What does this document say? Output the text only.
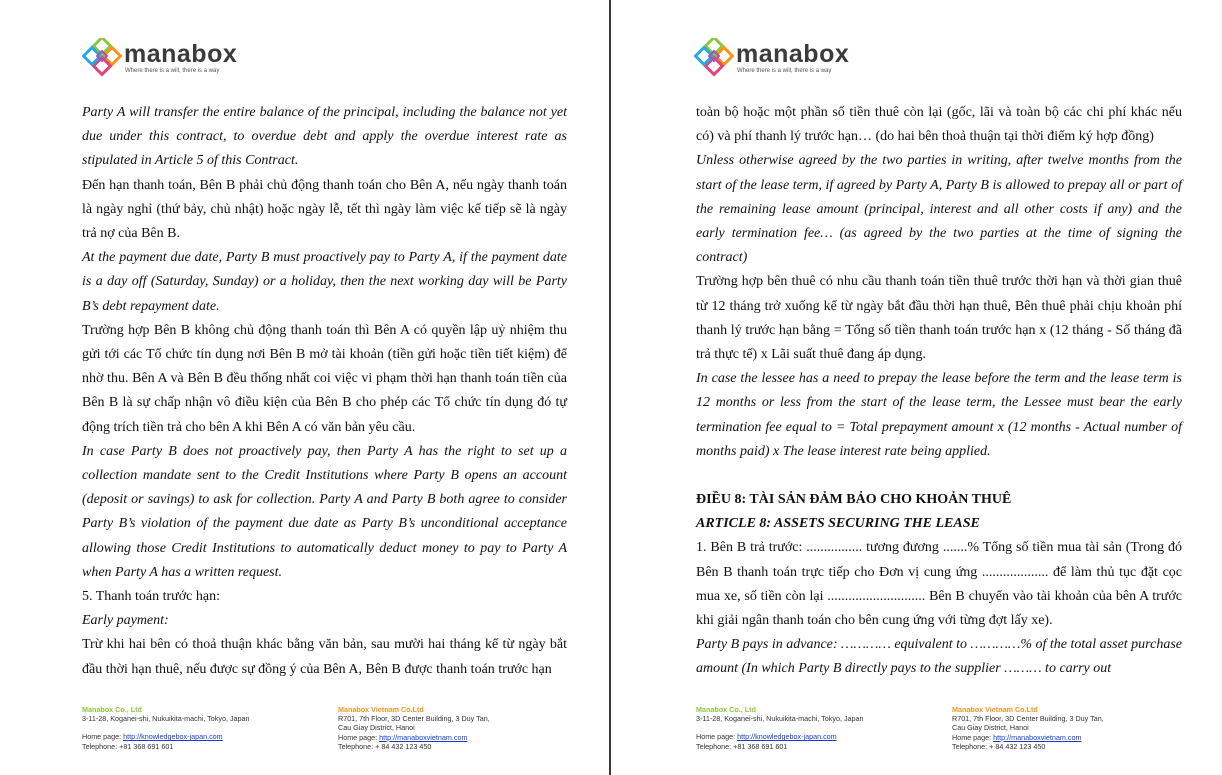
manabox
Where there is a will, there is a way

Party A will transfer the entire balance of the principal, including the balance not yet due under this contract, to overdue debt and apply the overdue interest rate as stipulated in Article 5 of this Contract.

Đến hạn thanh toán, Bên B phải chủ động thanh toán cho Bên A, nếu ngày thanh toán là ngày nghỉ (thứ bảy, chủ nhật) hoặc ngày lễ, tết thì ngày làm việc kế tiếp sẽ là ngày trả nợ của Bên B.

At the payment due date, Party B must proactively pay to Party A, if the payment date is a day off (Saturday, Sunday) or a holiday, then the next working day will be Party B’s debt repayment date.

Trường hợp Bên B không chủ động thanh toán thì Bên A có quyền lập uỷ nhiệm thu gửi tới các Tổ chức tín dụng nơi Bên B mở tài khoản (tiền gửi hoặc tiền tiết kiệm) để nhờ thu. Bên A và Bên B đều thống nhất coi việc vi phạm thời hạn thanh toán tiền của Bên B là sự chấp nhận vô điều kiện của Bên B cho phép các Tổ chức tín dụng đó tự động trích tiền trả cho bên A khi Bên A có văn bản yêu cầu.

In case Party B does not proactively pay, then Party A has the right to set up a collection mandate sent to the Credit Institutions where Party B opens an account (deposit or savings) to ask for collection. Party A and Party B both agree to consider Party B’s violation of the payment due date as Party B’s unconditional acceptance allowing those Credit Institutions to automatically deduct money to pay to Party A when Party A has a written request.

5. Thanh toán trước hạn:

Early payment:

Trừ khi hai bên có thoả thuận khác bằng văn bản, sau mười hai tháng kể từ ngày bắt đầu thời hạn thuê, nếu được sự đồng ý của Bên A, Bên B được thanh toán trước hạn

Manabox Co., Ltd
3-11-28, Koganei-shi, Nukuikita-machi, Tokyo, Japan
Home page: http://knowledgebox-japan.com
Telephone: +81 368 691 601
Manabox Vietnam Co.Ltd
R701, 7th Floor, 3D Center Building, 3 Duy Tan,
Cau Giay District, Hanoi
Home page: http://manaboxvietnam.com
Telephone: + 84 432 123 450
manabox
Where there is a will, there is a way

toàn bộ hoặc một phần số tiền thuê còn lại (gốc, lãi và toàn bộ các chi phí khác nếu có) và phí thanh lý trước hạn… (do hai bên thoả thuận tại thời điểm ký hợp đồng)

Unless otherwise agreed by the two parties in writing, after twelve months from the start of the lease term, if agreed by Party A, Party B is allowed to prepay all or part of the remaining lease amount (principal, interest and all other costs if any) and the early termination fee… (as agreed by the two parties at the time of signing the contract)

Trường hợp bên thuê có nhu cầu thanh toán tiền thuê trước thời hạn và thời gian thuê từ 12 tháng trở xuống kể từ ngày bắt đầu thời hạn thuê, Bên thuê phải chịu khoản phí thanh lý trước hạn bằng = Tổng số tiền thanh toán trước hạn x (12 tháng - Số tháng đã trả thực tế) x Lãi suất thuê đang áp dụng.

In case the lessee has a need to prepay the lease before the term and the lease term is 12 months or less from the start of the lease term, the Lessee must bear the early termination fee equal to = Total prepayment amount x (12 months - Actual number of months paid) x The lease interest rate being applied.

ĐIỀU 8: TÀI SẢN ĐẢM BẢO CHO KHOẢN THUÊ

ARTICLE 8: ASSETS SECURING THE LEASE

1. Bên B trả trước: ................ tương đương .......% Tổng số tiền mua tài sản (Trong đó Bên B thanh toán trực tiếp cho Đơn vị cung ứng ................... để làm thủ tục đặt cọc mua xe, số tiền còn lại ............................ Bên B chuyển vào tài khoản của bên A trước khi giải ngân thanh toán cho bên cung ứng với từng đợt lấy xe).

Party B pays in advance: ………… equivalent to …………% of the total asset purchase amount (In which Party B directly pays to the supplier ……… to carry out

Manabox Co., Ltd
3-11-28, Koganei-shi, Nukuikita-machi, Tokyo, Japan
Home page: http://knowledgebox-japan.com
Telephone: +81 368 691 601
Manabox Vietnam Co.Ltd
R701, 7th Floor, 3D Center Building, 3 Duy Tan,
Cau Giay District, Hanoi
Home page: http://manaboxvietnam.com
Telephone: + 84 432 123 450
